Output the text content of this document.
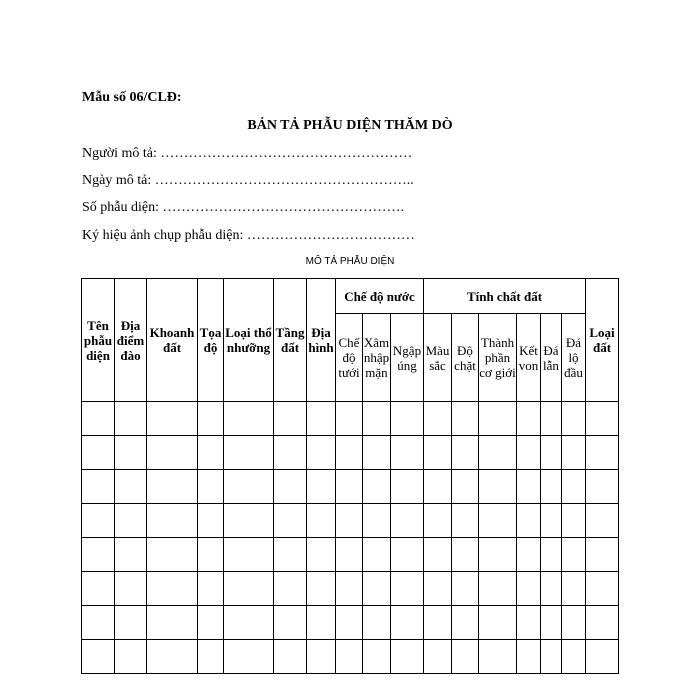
Mẫu số 06/CLĐ:
BẢN TẢ PHẪU DIỆN THĂM DÒ
Người mô tả: ………………………………………………
Ngày mô tả: ………………………………………………..
Số phẫu diện: …………………………………………….
Ký hiệu ảnh chụp phẫu diện: ………………………………
MÔ TẢ PHẪU DIỆN
Tên phẫu diện	Địa điểm đào	Khoanh đất	Tọa độ	Loại thổ nhưỡng	Tầng đất	Địa hình	Chế độ nước			Tính chất đất						Loại đất
							Chế độ tưới	Xâm nhập mặn	Ngập úng	Màu sắc	Độ chặt	Thành phần cơ giới	Kết von	Đá lẫn	Đá lộ đầu	
